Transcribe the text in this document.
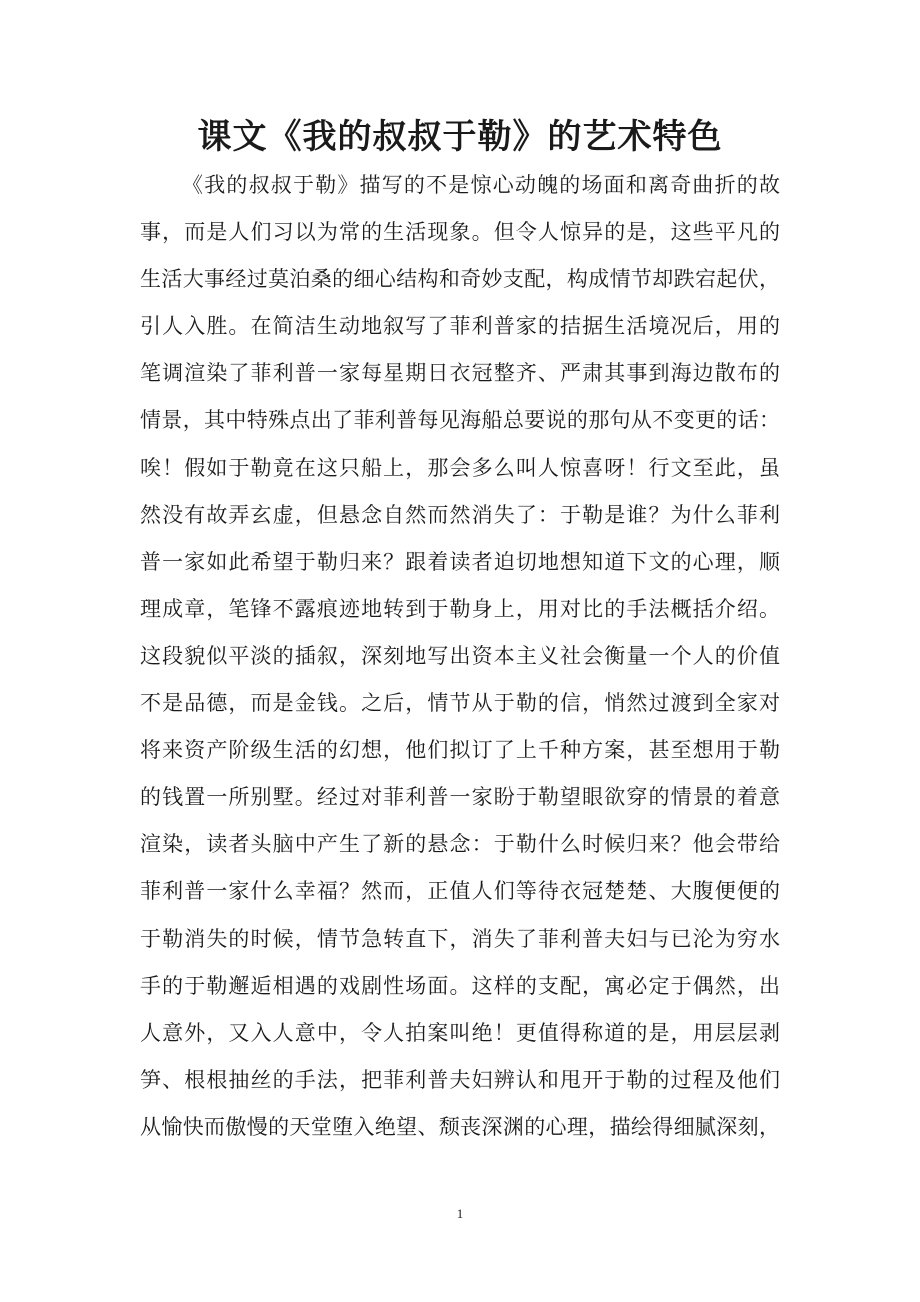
课文《我的叔叔于勒》的艺术特色
《我的叔叔于勒》描写的不是惊心动魄的场面和离奇曲折的故
事，而是人们习以为常的生活现象。但令人惊异的是，这些平凡的
生活大事经过莫泊桑的细心结构和奇妙支配，构成情节却跌宕起伏，
引人入胜。在简洁生动地叙写了菲利普家的拮据生活境况后，用的
笔调渲染了菲利普一家每星期日衣冠整齐、严肃其事到海边散布的
情景，其中特殊点出了菲利普每见海船总要说的那句从不变更的话：
唉！假如于勒竟在这只船上，那会多么叫人惊喜呀！行文至此，虽
然没有故弄玄虚，但悬念自然而然消失了：于勒是谁？为什么菲利
普一家如此希望于勒归来？跟着读者迫切地想知道下文的心理，顺
理成章，笔锋不露痕迹地转到于勒身上，用对比的手法概括介绍。
这段貌似平淡的插叙，深刻地写出资本主义社会衡量一个人的价值
不是品德，而是金钱。之后，情节从于勒的信，悄然过渡到全家对
将来资产阶级生活的幻想，他们拟订了上千种方案，甚至想用于勒
的钱置一所别墅。经过对菲利普一家盼于勒望眼欲穿的情景的着意
渲染，读者头脑中产生了新的悬念：于勒什么时候归来？他会带给
菲利普一家什么幸福？然而，正值人们等待衣冠楚楚、大腹便便的
于勒消失的时候，情节急转直下，消失了菲利普夫妇与已沦为穷水
手的于勒邂逅相遇的戏剧性场面。这样的支配，寓必定于偶然，出
人意外，又入人意中，令人拍案叫绝！更值得称道的是，用层层剥
笋、根根抽丝的手法，把菲利普夫妇辨认和甩开于勒的过程及他们
从愉快而傲慢的天堂堕入绝望、颓丧深渊的心理，描绘得细腻深刻，
1
